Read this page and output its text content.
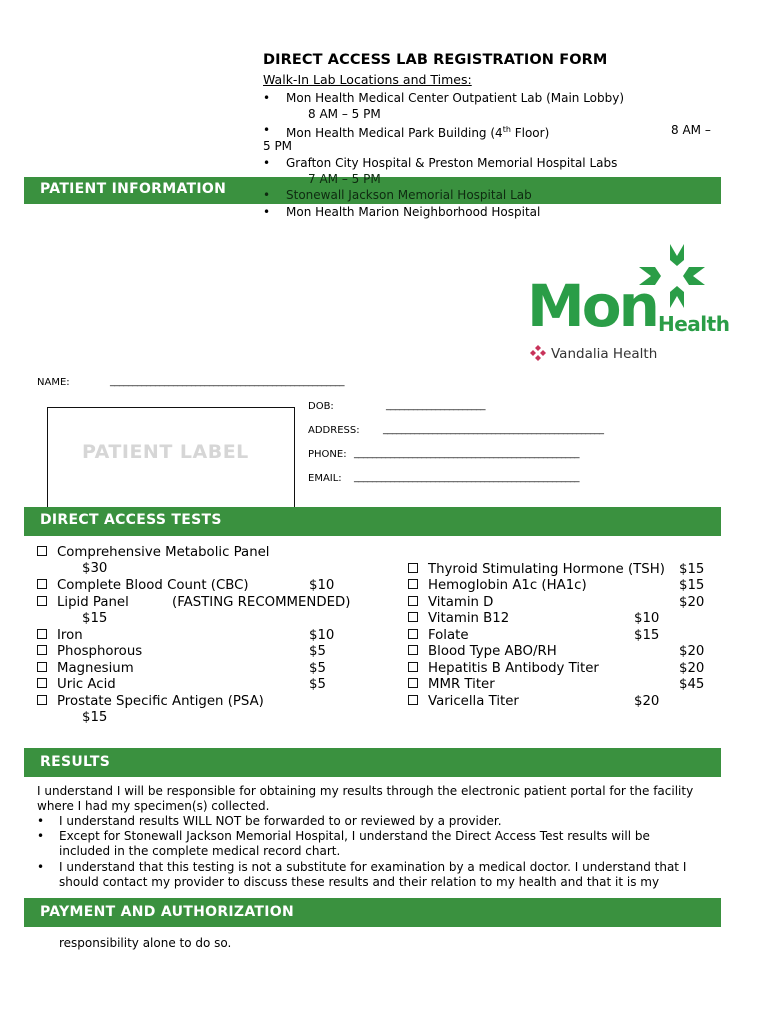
DIRECT ACCESS LAB REGISTRATION FORM
Walk-In Lab Locations and Times:
PATIENT INFORMATION
• Mon Health Medical Center Outpatient Lab (Main Lobby)
8 AM – 5 PM
• Mon Health Medical Park Building (4th Floor)	8 AM –
5 PM
• Grafton City Hospital & Preston Memorial Hospital Labs
7 AM – 5 PM
• Stonewall Jackson Memorial Hospital Lab
• Mon Health Marion Neighborhood Hospital
Mon Health
Vandalia Health
NAME:	____________________________________________________
PATIENT LABEL
DOB:	______________________
ADDRESS: _________________________________________________
PHONE: __________________________________________________
EMAIL: __________________________________________________
DIRECT ACCESS TESTS
Comprehensive Metabolic Panel
$30
Complete Blood Count (CBC)	$10
Lipid Panel	(FASTING RECOMMENDED)
$15
Iron	$10
Phosphorous	$5
Magnesium	$5
Uric Acid	$5
Prostate Specific Antigen (PSA)
$15
Thyroid Stimulating Hormone (TSH) $15
Hemoglobin A1c (HA1c)	$15
Vitamin D	$20
Vitamin B12	$10
Folate	$15
Blood Type ABO/RH	$20
Hepatitis B Antibody Titer	$20
MMR Titer	$45
Varicella Titer	$20
RESULTS
I understand I will be responsible for obtaining my results through the electronic patient portal for the facility
where I had my specimen(s) collected.
• I understand results WILL NOT be forwarded to or reviewed by a provider.
• Except for Stonewall Jackson Memorial Hospital, I understand the Direct Access Test results will be
included in the complete medical record chart.
• I understand that this testing is not a substitute for examination by a medical doctor. I understand that I
should contact my provider to discuss these results and their relation to my health and that it is my
PAYMENT AND AUTHORIZATION
responsibility alone to do so.
